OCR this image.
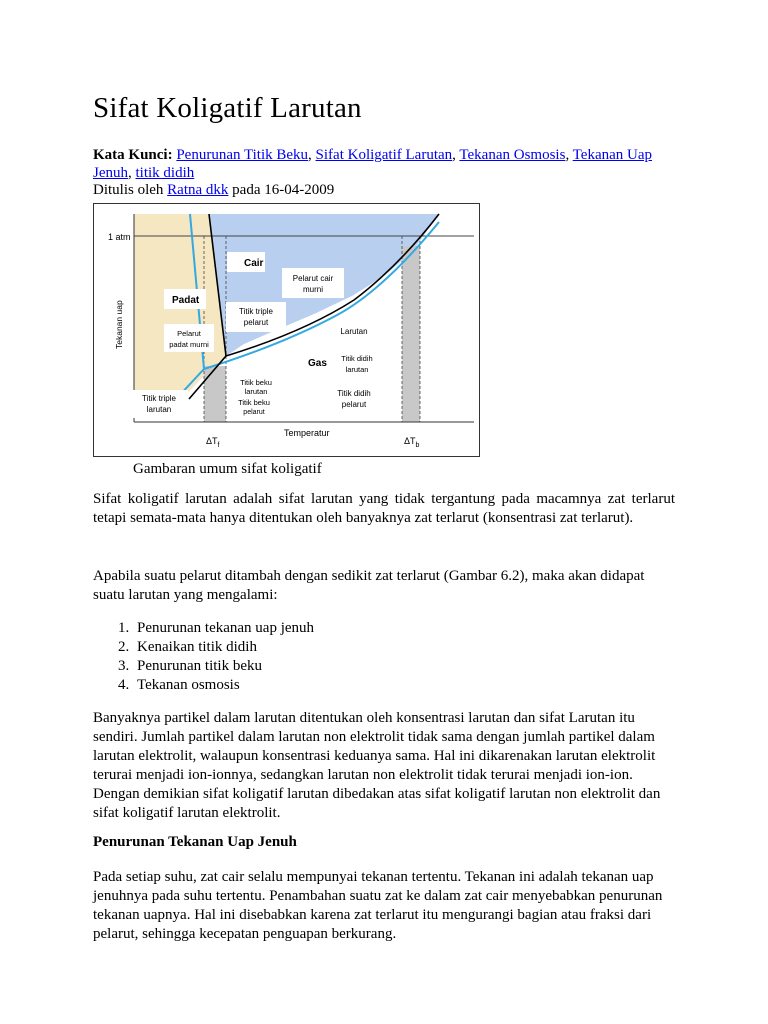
Sifat Koligatif Larutan
Kata Kunci: Penurunan Titik Beku, Sifat Koligatif Larutan, Tekanan Osmosis, Tekanan Uap Jenuh, titik didih
Ditulis oleh Ratna dkk pada 16-04-2009
1 atm
Cair
Padat
Gas
Tekanan uap
Temperatur
Pelarut cair
murni
Titik triple
pelarut
Pelarut
padat murni
Larutan
Titik didih
larutan
Titik beku
larutan
Titik beku
pelarut
Titik triple
larutan
Titik didih
pelarut
$\Delta T_f$	$\Delta T_b$
Gambaran umum sifat koligatif

Sifat koligatif larutan adalah sifat larutan yang tidak tergantung pada macamnya zat terlarut tetapi semata-mata hanya ditentukan oleh banyaknya zat terlarut (konsentrasi zat terlarut).

Apabila suatu pelarut ditambah dengan sedikit zat terlarut (Gambar 6.2), maka akan didapat suatu larutan yang mengalami:

1. Penurunan tekanan uap jenuh
2. Kenaikan titik didih
3. Penurunan titik beku
4. Tekanan osmosis

Banyaknya partikel dalam larutan ditentukan oleh konsentrasi larutan dan sifat Larutan itu sendiri. Jumlah partikel dalam larutan non elektrolit tidak sama dengan jumlah partikel dalam larutan elektrolit, walaupun konsentrasi keduanya sama. Hal ini dikarenakan larutan elektrolit terurai menjadi ion-ionnya, sedangkan larutan non elektrolit tidak terurai menjadi ion-ion. Dengan demikian sifat koligatif larutan dibedakan atas sifat koligatif larutan non elektrolit dan sifat koligatif larutan elektrolit.

Penurunan Tekanan Uap Jenuh

Pada setiap suhu, zat cair selalu mempunyai tekanan tertentu. Tekanan ini adalah tekanan uap jenuhnya pada suhu tertentu. Penambahan suatu zat ke dalam zat cair menyebabkan penurunan tekanan uapnya. Hal ini disebabkan karena zat terlarut itu mengurangi bagian atau fraksi dari pelarut, sehingga kecepatan penguapan berkurang.
